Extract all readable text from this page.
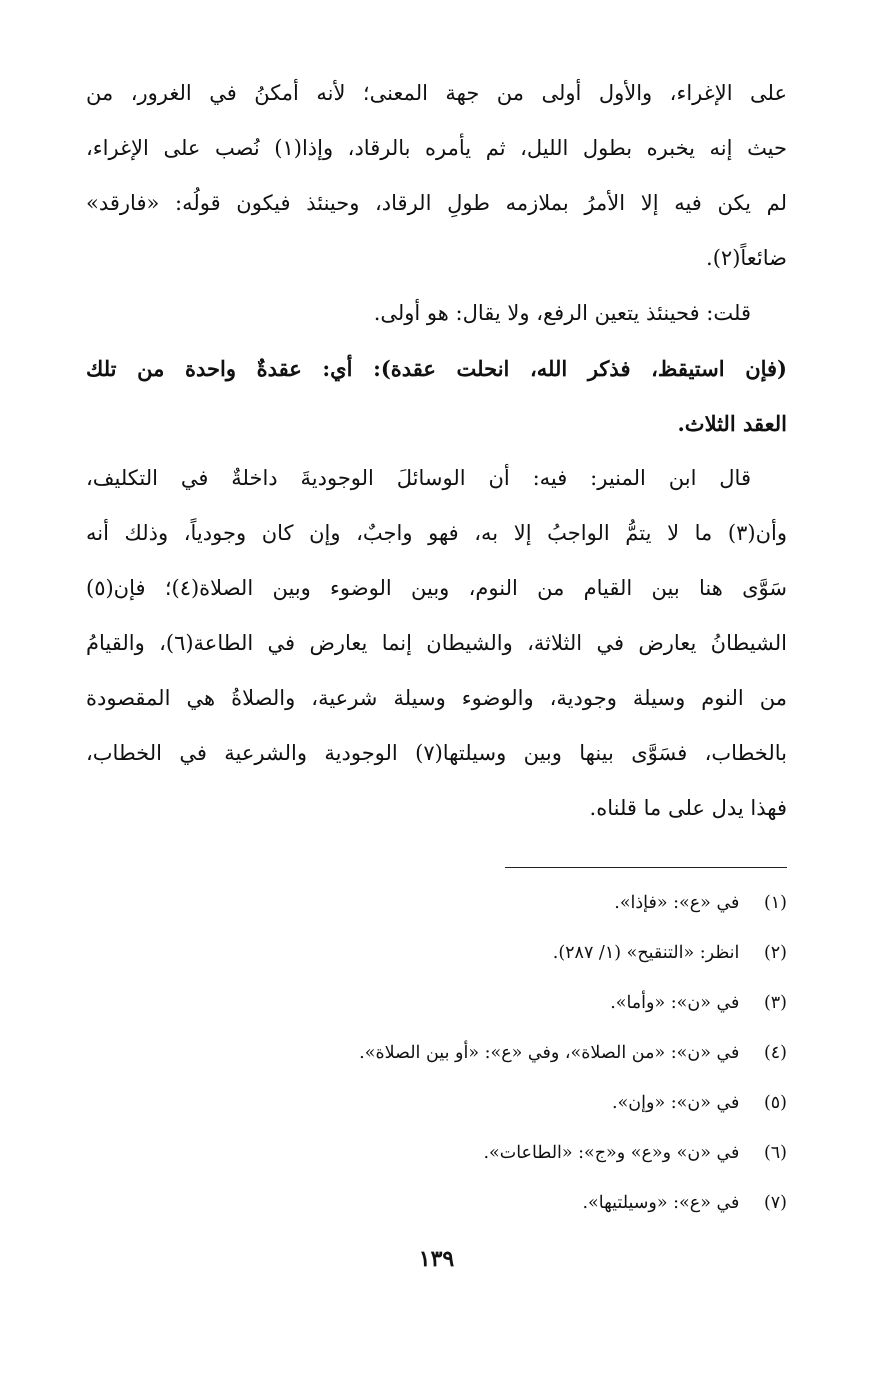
على الإغراء، والأول أولى من جهة المعنى؛ لأنه أمكنُ في الغرور، من
حيث إنه يخبره بطول الليل، ثم يأمره بالرقاد، وإذا(١) نُصب على الإغراء،
لم يكن فيه إلا الأمرُ بملازمه طولِ الرقاد، وحينئذ فيكون قولُه: «فارقد»
ضائعاً(٢).
قلت: فحينئذ يتعين الرفع، ولا يقال: هو أولى.
(فإن استيقظ، فذكر الله، انحلت عقدة): أي: عقدةٌ واحدة من تلك
العقد الثلاث.
قال ابن المنير: فيه: أن الوسائلَ الوجوديةَ داخلةٌ في التكليف،
وأن(٣) ما لا يتمُّ الواجبُ إلا به، فهو واجبٌ، وإن كان وجودياً، وذلك أنه
سَوَّى هنا بين القيام من النوم، وبين الوضوء وبين الصلاة(٤)؛ فإن(٥)
الشيطانُ يعارض في الثلاثة، والشيطان إنما يعارض في الطاعة(٦)، والقيامُ
من النوم وسيلة وجودية، والوضوء وسيلة شرعية، والصلاةُ هي المقصودة
بالخطاب، فسَوَّى بينها وبين وسيلتها(٧) الوجودية والشرعية في الخطاب،
فهذا يدل على ما قلناه.
(١) في «ع»: «فإذا».
(٢) انظر: «التنقيح» (١/ ٢٨٧).
(٣) في «ن»: «وأما».
(٤) في «ن»: «من الصلاة»، وفي «ع»: «أو بين الصلاة».
(٥) في «ن»: «وإن».
(٦) في «ن» و«ع» و«ج»: «الطاعات».
(٧) في «ع»: «وسيلتيها».
١٣٩
